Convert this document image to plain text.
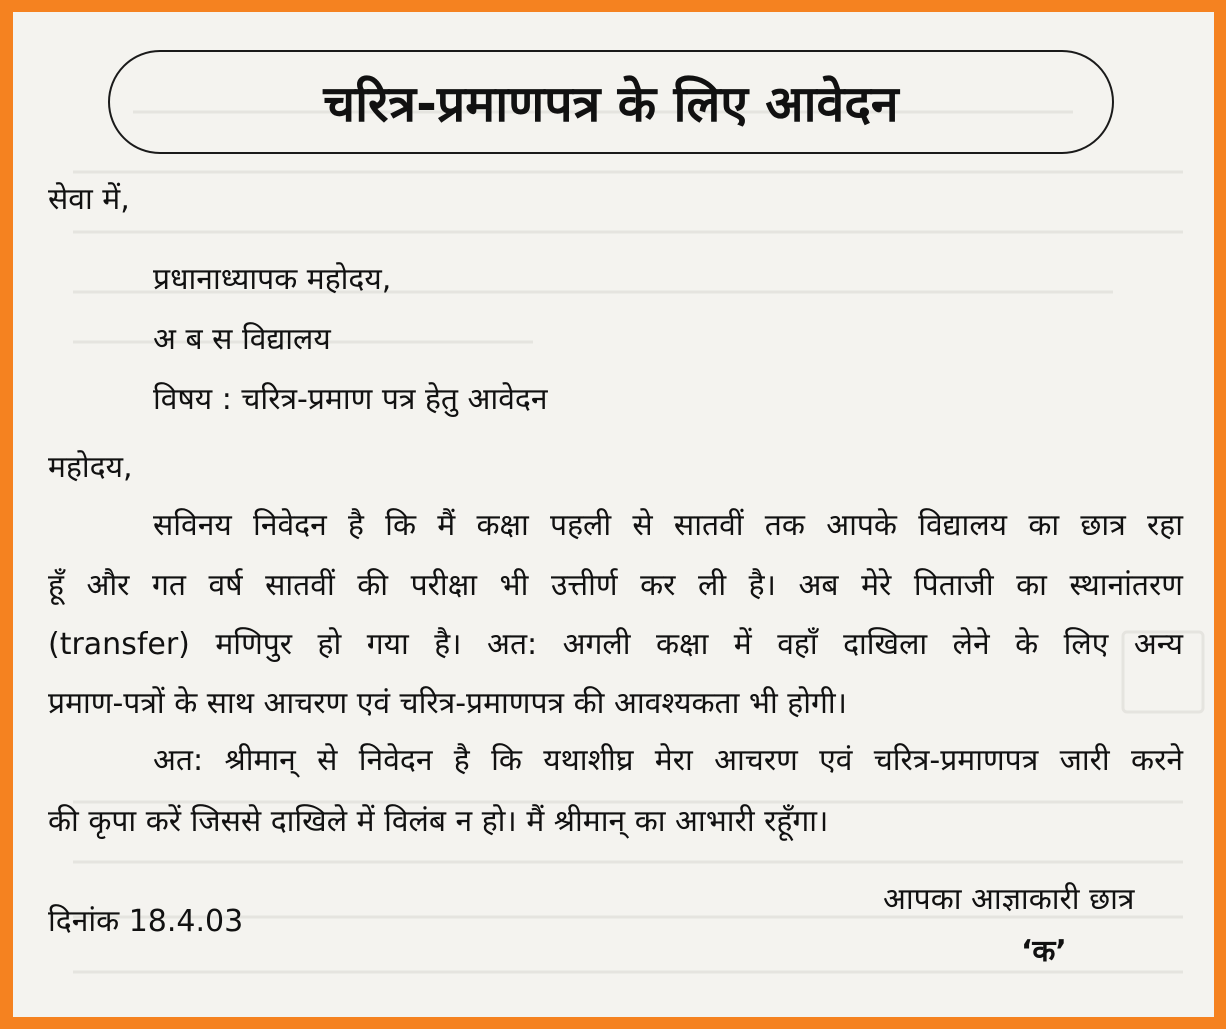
चरित्र-प्रमाणपत्र के लिए आवेदन
सेवा में,
प्रधानाध्यापक महोदय,
अ ब स विद्यालय
विषय : चरित्र-प्रमाण पत्र हेतु आवेदन
महोदय,
सविनय निवेदन है कि मैं कक्षा पहली से सातवीं तक आपके विद्यालय का छात्र रहा
हूँ और गत वर्ष सातवीं की परीक्षा भी उत्तीर्ण कर ली है। अब मेरे पिताजी का स्थानांतरण
(transfer) मणिपुर हो गया है। अत: अगली कक्षा में वहाँ दाखिला लेने के लिए अन्य
प्रमाण-पत्रों के साथ आचरण एवं चरित्र-प्रमाणपत्र की आवश्यकता भी होगी।
अत: श्रीमान् से निवेदन है कि यथाशीघ्र मेरा आचरण एवं चरित्र-प्रमाणपत्र जारी करने
की कृपा करें जिससे दाखिले में विलंब न हो। मैं श्रीमान् का आभारी रहूँगा।
दिनांक 18.4.03
आपका आज्ञाकारी छात्र
‘क’
